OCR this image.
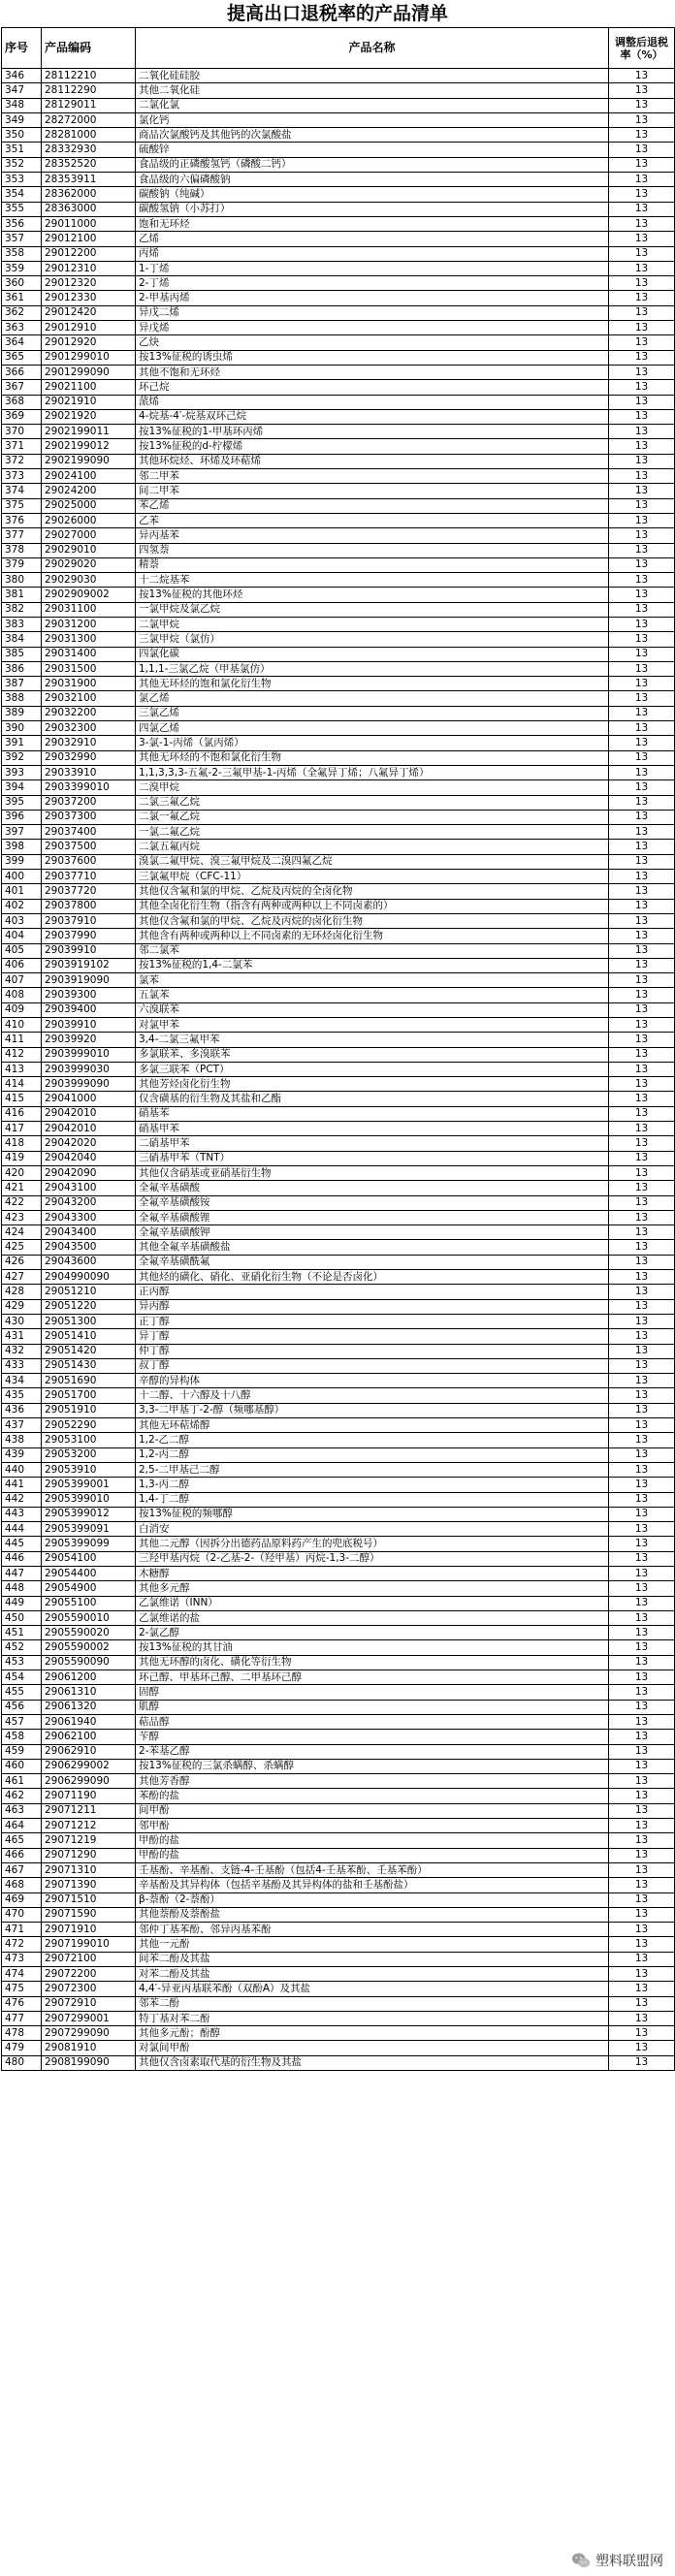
提高出口退税率的产品清单
序号	产品编码	产品名称	调整后退税率（%）
346	28112210	二氧化硅硅胶	13
347	28112290	其他二氧化硅	13
348	28129011	二氯化氯	13
349	28272000	氯化钙	13
350	28281000	商品次氯酸钙及其他钙的次氯酸盐	13
351	28332930	硫酸锌	13
352	28352520	食品级的正磷酸氢钙（磷酸二钙）	13
353	28353911	食品级的六偏磷酸钠	13
354	28362000	碳酸钠（纯碱）	13
355	28363000	碳酸氢钠（小苏打）	13
356	29011000	饱和无环烃	13
357	29012100	乙烯	13
358	29012200	丙烯	13
359	29012310	1-丁烯	13
360	29012320	2-丁烯	13
361	29012330	2-甲基丙烯	13
362	29012420	异戊二烯	13
363	29012910	异戊烯	13
364	29012920	乙炔	13
365	2901299010	按13%征税的诱虫烯	13
366	2901299090	其他不饱和无环烃	13
367	29021100	环己烷	13
368	29021910	蒎烯	13
369	29021920	4-烷基-4′-烷基双环己烷	13
370	2902199011	按13%征税的1-甲基环丙烯	13
371	2902199012	按13%征税的d-柠檬烯	13
372	2902199090	其他环烷烃、环烯及环萜烯	13
373	29024100	邻二甲苯	13
374	29024200	间二甲苯	13
375	29025000	苯乙烯	13
376	29026000	乙苯	13
377	29027000	异丙基苯	13
378	29029010	四氢萘	13
379	29029020	精萘	13
380	29029030	十二烷基苯	13
381	2902909002	按13%征税的其他环烃	13
382	29031100	一氯甲烷及氯乙烷	13
383	29031200	二氯甲烷	13
384	29031300	三氯甲烷（氯仿）	13
385	29031400	四氯化碳	13
386	29031500	1,1,1-三氯乙烷（甲基氯仿）	13
387	29031900	其他无环烃的饱和氯化衍生物	13
388	29032100	氯乙烯	13
389	29032200	三氯乙烯	13
390	29032300	四氯乙烯	13
391	29032910	3-氯-1-丙烯（氯丙烯）	13
392	29032990	其他无环烃的不饱和氯化衍生物	13
393	29033910	1,1,3,3,3-五氟-2-三氟甲基-1-丙烯（全氟异丁烯；八氟异丁烯）	13
394	2903399010	二溴甲烷	13
395	29037200	二氯三氟乙烷	13
396	29037300	二氯一氟乙烷	13
397	29037400	一氯二氟乙烷	13
398	29037500	二氯五氟丙烷	13
399	29037600	溴氯二氟甲烷、溴三氟甲烷及二溴四氟乙烷	13
400	29037710	三氯氟甲烷（CFC-11）	13
401	29037720	其他仅含氟和氯的甲烷、乙烷及丙烷的全卤化物	13
402	29037800	其他全卤化衍生物（指含有两种或两种以上不同卤素的）	13
403	29037910	其他仅含氟和氯的甲烷、乙烷及丙烷的卤化衍生物	13
404	29037990	其他含有两种或两种以上不同卤素的无环烃卤化衍生物	13
405	29039910	邻二氯苯	13
406	2903919102	按13%征税的1,4-二氯苯	13
407	2903919090	氯苯	13
408	29039300	五氯苯	13
409	29039400	六溴联苯	13
410	29039910	对氯甲苯	13
411	29039920	3,4-二氯三氟甲苯	13
412	2903999010	多氯联苯、多溴联苯	13
413	2903999030	多氯三联苯（PCT）	13
414	2903999090	其他芳烃卤化衍生物	13
415	29041000	仅含磺基的衍生物及其盐和乙酯	13
416	29042010	硝基苯	13
417	29042010	硝基甲苯	13
418	29042020	二硝基甲苯	13
419	29042040	三硝基甲苯（TNT）	13
420	29042090	其他仅含硝基或亚硝基衍生物	13
421	29043100	全氟辛基磺酸	13
422	29043200	全氟辛基磺酸铵	13
423	29043300	全氟辛基磺酸锂	13
424	29043400	全氟辛基磺酸钾	13
425	29043500	其他全氟辛基磺酸盐	13
426	29043600	全氟辛基磺酰氟	13
427	2904990090	其他烃的磺化、硝化、亚硝化衍生物（不论是否卤化）	13
428	29051210	正丙醇	13
429	29051220	异丙醇	13
430	29051300	正丁醇	13
431	29051410	异丁醇	13
432	29051420	仲丁醇	13
433	29051430	叔丁醇	13
434	29051690	辛醇的异构体	13
435	29051700	十二醇、十六醇及十八醇	13
436	29051910	3,3-二甲基丁-2-醇（频哪基醇）	13
437	29052290	其他无环萜烯醇	13
438	29053100	1,2-乙二醇	13
439	29053200	1,2-丙二醇	13
440	29053910	2,5-二甲基己二醇	13
441	2905399001	1,3-丙二醇	13
442	2905399010	1,4-丁二醇	13
443	2905399012	按13%征税的频哪醇	13
444	2905399091	白消安	13
445	2905399099	其他二元醇（因拆分出德药品原料药产生的兜底税号）	13
446	29054100	三羟甲基丙烷（2-乙基-2-（羟甲基）丙烷-1,3-二醇）	13
447	29054400	木糖醇	13
448	29054900	其他多元醇	13
449	29055100	乙氯维诺（INN）	13
450	2905590010	乙氯维诺的盐	13
451	2905590020	2-氯乙醇	13
452	2905590002	按13%征税的其甘油	13
453	2905590090	其他无环醇的卤化、磺化等衍生物	13
454	29061200	环己醇、甲基环己醇、二甲基环己醇	13
455	29061310	固醇	13
456	29061320	肌醇	13
457	29061940	萜品醇	13
458	29062100	苄醇	13
459	29062910	2-苯基乙醇	13
460	2906299002	按13%征税的三氯杀螨醇、杀螨醇	13
461	2906299090	其他芳香醇	13
462	29071190	苯酚的盐	13
463	29071211	间甲酚	13
464	29071212	邻甲酚	13
465	29071219	甲酚的盐	13
466	29071290	甲酚的盐	13
467	29071310	壬基酚、辛基酚、支链-4-壬基酚（包括4-壬基苯酚、壬基苯酚）	13
468	29071390	辛基酚及其异构体（包括辛基酚及其异构体的盐和壬基酚盐）	13
469	29071510	β-萘酚（2-萘酚）	13
470	29071590	其他萘酚及萘酚盐	13
471	29071910	邻仲丁基苯酚、邻异丙基苯酚	13
472	2907199010	其他一元酚	13
473	29072100	间苯二酚及其盐	13
474	29072200	对苯二酚及其盐	13
475	29072300	4,4′-异亚丙基联苯酚（双酚A）及其盐	13
476	29072910	邻苯二酚	13
477	2907299001	特丁基对苯二酚	13
478	2907299090	其他多元酚；酚醇	13
479	29081910	对氯间甲酚	13
480	2908199090	其他仅含卤素取代基的衍生物及其盐	13
塑料联盟网
